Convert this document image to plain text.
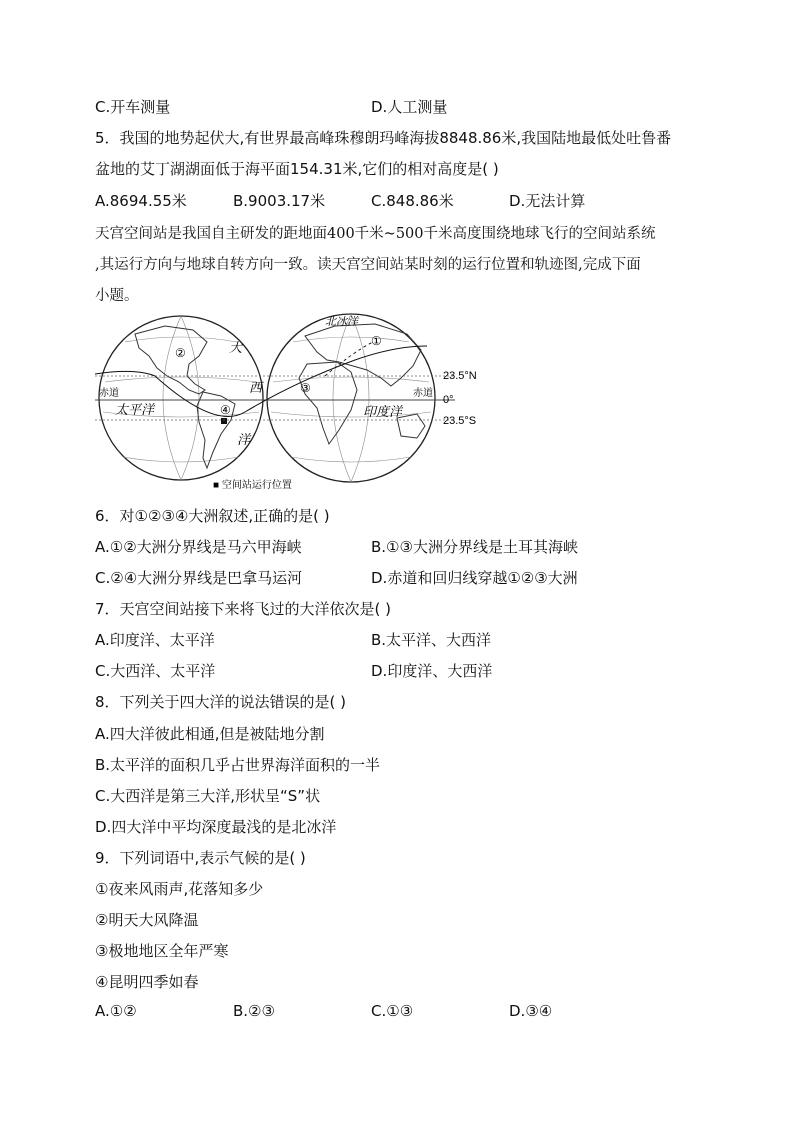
C.开车测量	D.人工测量
5．我国的地势起伏大,有世界最高峰珠穆朗玛峰海拔8848.86米,我国陆地最低处吐鲁番
盆地的艾丁湖湖面低于海平面154.31米,它们的相对高度是( )
A.8694.55米	B.9003.17米	C.848.86米	D.无法计算
天宫空间站是我国自主研发的距地面400千米~500千米高度围绕地球飞行的空间站系统
,其运行方向与地球自转方向一致。读天宫空间站某时刻的运行位置和轨迹图,完成下面
小题。
②
④
大
西
洋
太平洋
赤道
北冰洋
①
③
印度洋
赤道
23.5°N
0°
23.5°S
■ 空间站运行位置
6．对①②③④大洲叙述,正确的是( )
A.①②大洲分界线是马六甲海峡	B.①③大洲分界线是土耳其海峡
C.②④大洲分界线是巴拿马运河	D.赤道和回归线穿越①②③大洲
7．天宫空间站接下来将飞过的大洋依次是( )
A.印度洋、太平洋	B.太平洋、大西洋
C.大西洋、太平洋	D.印度洋、大西洋
8．下列关于四大洋的说法错误的是( )
A.四大洋彼此相通,但是被陆地分割
B.太平洋的面积几乎占世界海洋面积的一半
C.大西洋是第三大洋,形状呈“S”状
D.四大洋中平均深度最浅的是北冰洋
9．下列词语中,表示气候的是( )
①夜来风雨声,花落知多少
②明天大风降温
③极地地区全年严寒
④昆明四季如春
A.①②	B.②③	C.①③	D.③④
